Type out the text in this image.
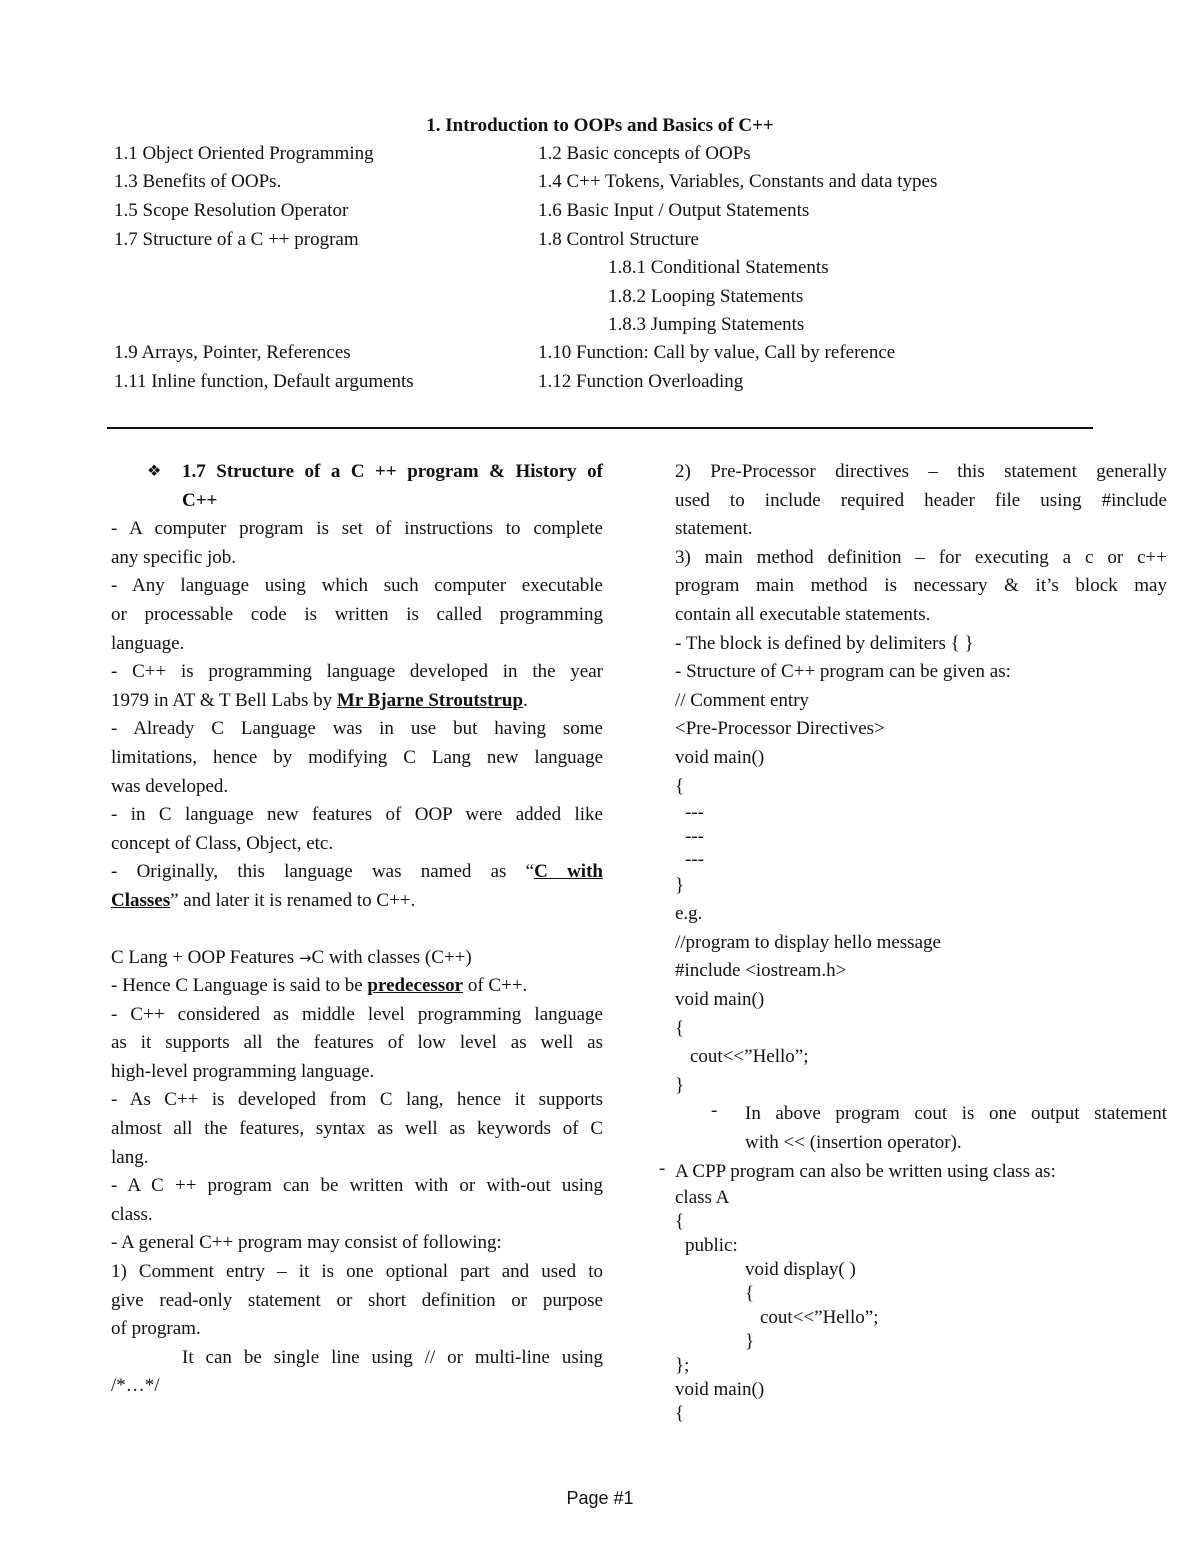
1. Introduction to OOPs and Basics of C++
1.1 Object Oriented Programming	1.2 Basic concepts of OOPs
1.3 Benefits of OOPs.	1.4 C++ Tokens, Variables, Constants and data types
1.5 Scope Resolution Operator	1.6 Basic Input / Output Statements
1.7 Structure of a C ++ program	1.8 Control Structure
1.8.1 Conditional Statements
1.8.2 Looping Statements
1.8.3 Jumping Statements
1.9 Arrays, Pointer, References	1.10 Function: Call by value, Call by reference
1.11 Inline function, Default arguments	1.12 Function Overloading
❖ 1.7 Structure of a C ++ program & History of
C++
- A computer program is set of instructions to complete
any specific job.
- Any language using which such computer executable
or processable code is written is called programming
language.
- C++ is programming language developed in the year
1979 in AT & T Bell Labs by Mr Bjarne Stroutstrup.
- Already C Language was in use but having some
limitations, hence by modifying C Lang new language
was developed.
- in C language new features of OOP were added like
concept of Class, Object, etc.
- Originally, this language was named as “C with
Classes” and later it is renamed to C++.
C Lang + OOP Features →C with classes (C++)
- Hence C Language is said to be predecessor of C++.
- C++ considered as middle level programming language
as it supports all the features of low level as well as
high-level programming language.
- As C++ is developed from C lang, hence it supports
almost all the features, syntax as well as keywords of C
lang.
- A C ++ program can be written with or with-out using
class.
- A general C++ program may consist of following:
1) Comment entry – it is one optional part and used to
give read-only statement or short definition or purpose
of program.
It can be single line using // or multi-line using
/*…*/
2) Pre-Processor directives – this statement generally
used to include required header file using #include
statement.
3) main method definition – for executing a c or c++
program main method is necessary & it’s block may
contain all executable statements.
- The block is defined by delimiters { }
- Structure of C++ program can be given as:
// Comment entry
<Pre-Processor Directives>
void main()
{
---
---
---
}
e.g.
//program to display hello message
#include <iostream.h>
void main()
{
cout<<”Hello”;
}
- In above program cout is one output statement
with << (insertion operator).
- A CPP program can also be written using class as:
class A
{
public:
void display( )
{
cout<<”Hello”;
}
};
void main()
{
Page #1
